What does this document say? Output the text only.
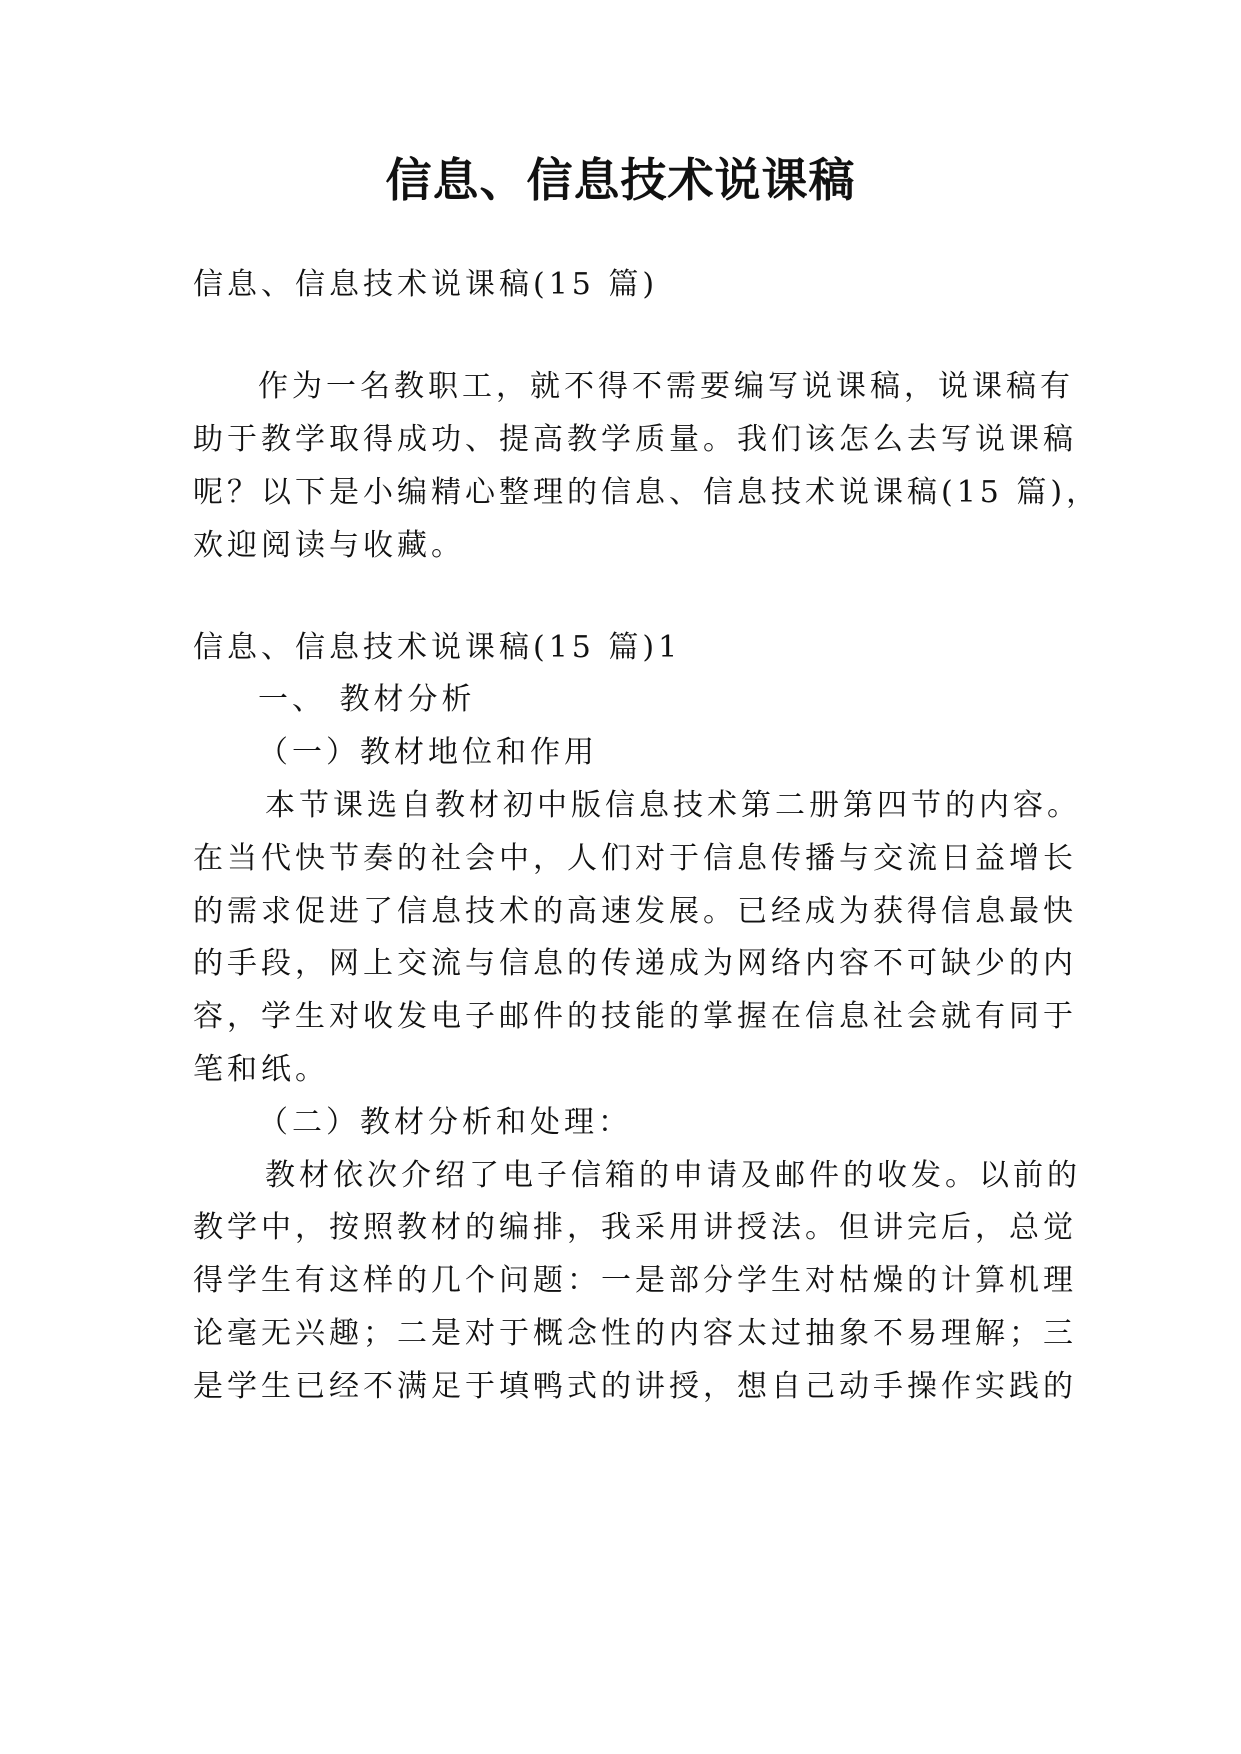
信息、信息技术说课稿
信息、信息技术说课稿(15 篇)
作为一名教职工，就不得不需要编写说课稿，说课稿有
助于教学取得成功、提高教学质量。我们该怎么去写说课稿
呢？以下是小编精心整理的信息、信息技术说课稿(15 篇)，
欢迎阅读与收藏。
信息、信息技术说课稿(15 篇)1
一、 教材分析
（一）教材地位和作用
本节课选自教材初中版信息技术第二册第四节的内容。
在当代快节奏的社会中，人们对于信息传播与交流日益增长
的需求促进了信息技术的高速发展。已经成为获得信息最快
的手段，网上交流与信息的传递成为网络内容不可缺少的内
容，学生对收发电子邮件的技能的掌握在信息社会就有同于
笔和纸。
（二）教材分析和处理：
教材依次介绍了电子信箱的申请及邮件的收发。以前的
教学中，按照教材的编排，我采用讲授法。但讲完后，总觉
得学生有这样的几个问题：一是部分学生对枯燥的计算机理
论毫无兴趣；二是对于概念性的内容太过抽象不易理解；三
是学生已经不满足于填鸭式的讲授，想自己动手操作实践的
